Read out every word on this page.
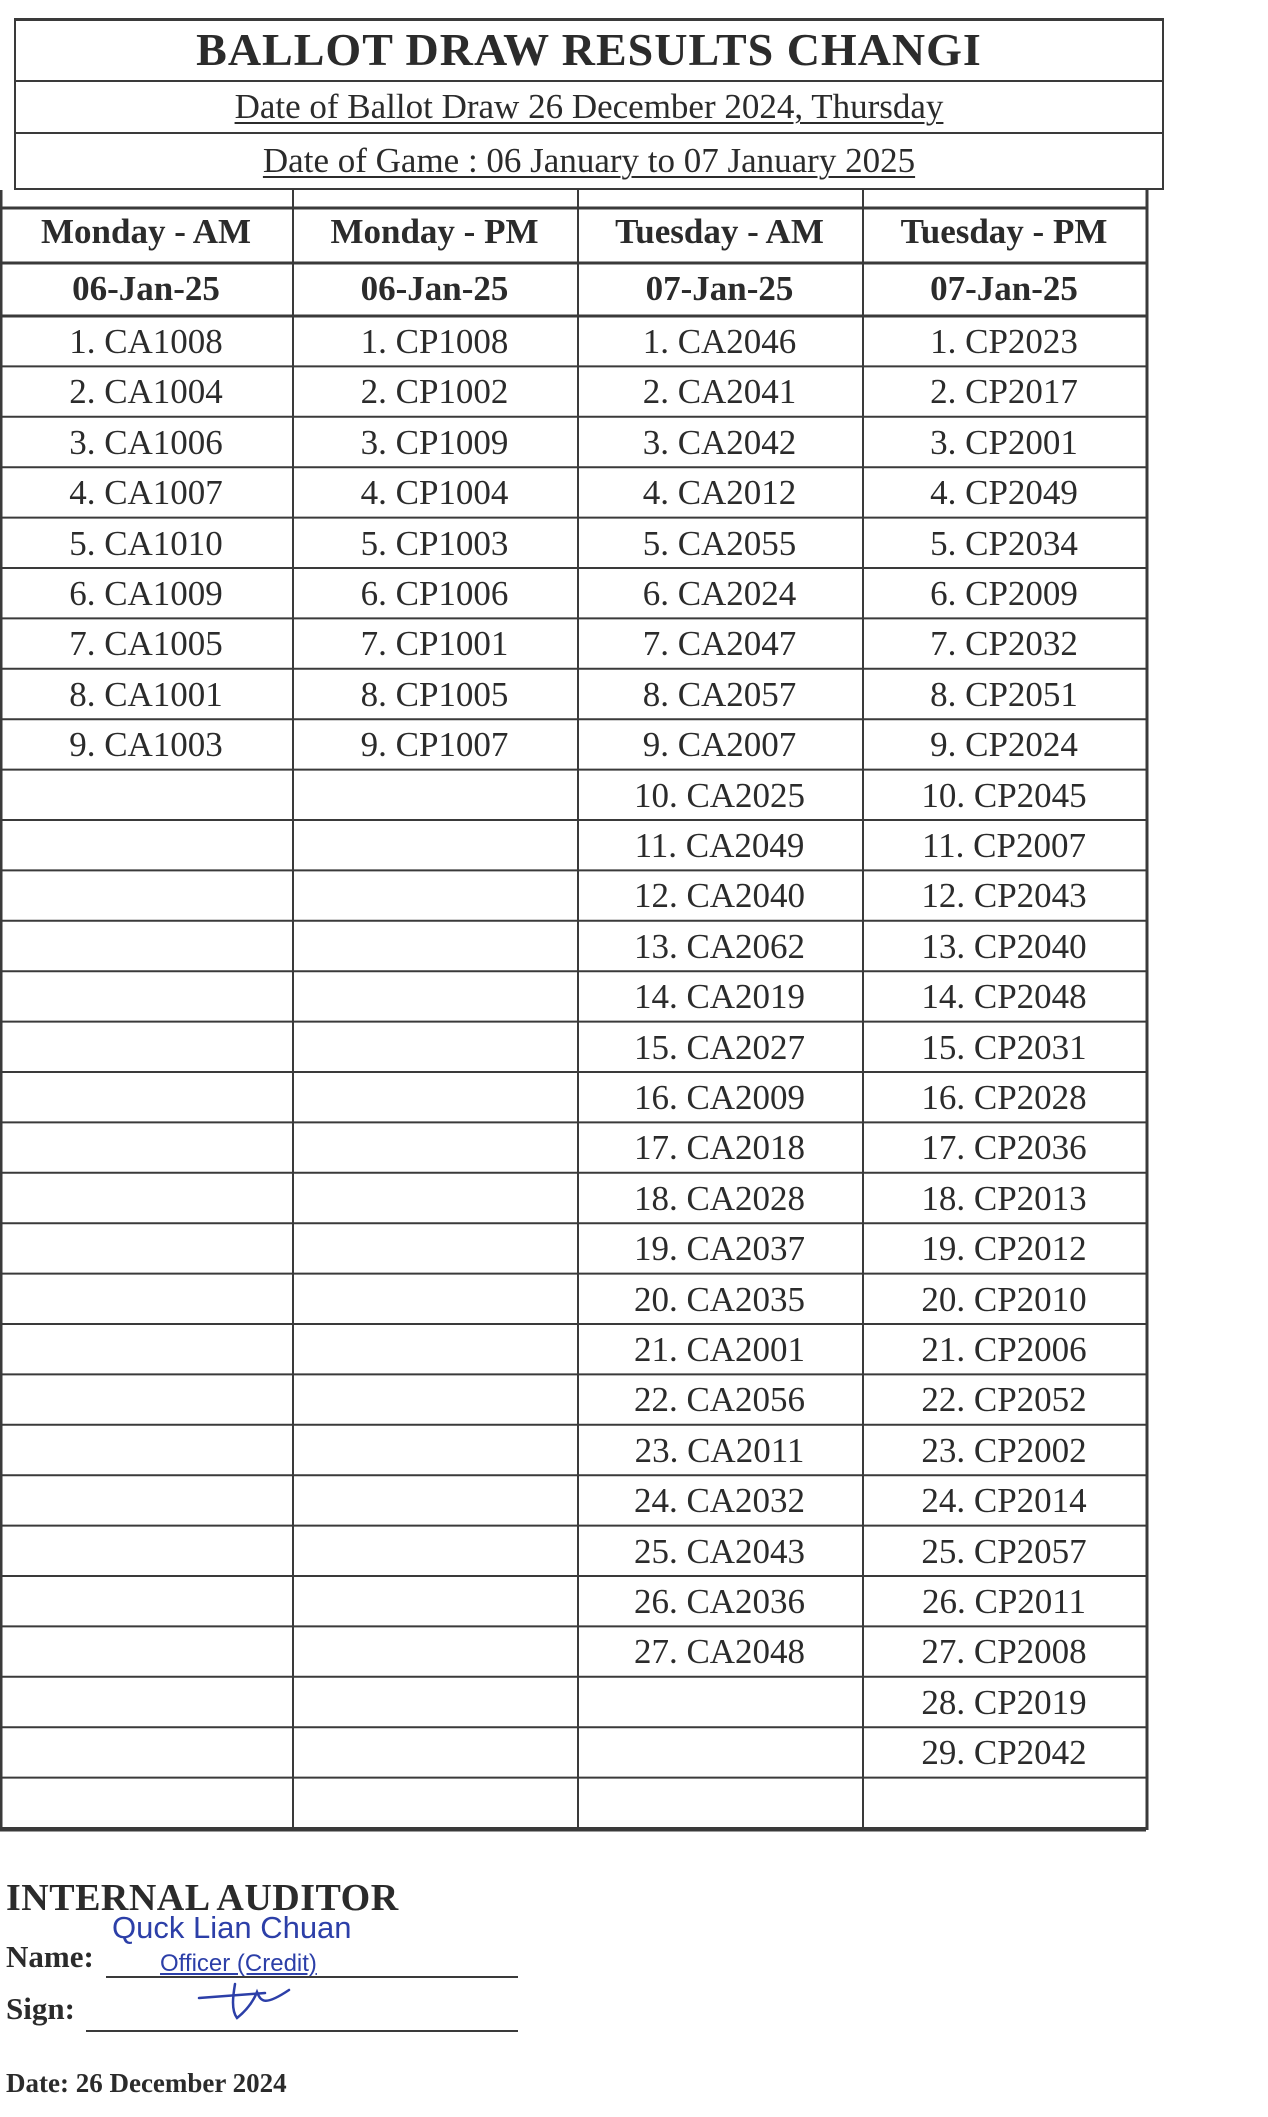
BALLOT DRAW RESULTS CHANGI
Date of Ballot Draw 26 December 2024, Thursday
Date of Game : 06 January to 07 January 2025
Monday - AM
06-Jan-25
1. CA1008
2. CA1004
3. CA1006
4. CA1007
5. CA1010
6. CA1009
7. CA1005
8. CA1001
9. CA1003
Monday - PM
06-Jan-25
1. CP1008
2. CP1002
3. CP1009
4. CP1004
5. CP1003
6. CP1006
7. CP1001
8. CP1005
9. CP1007
Tuesday - AM
07-Jan-25
1. CA2046
2. CA2041
3. CA2042
4. CA2012
5. CA2055
6. CA2024
7. CA2047
8. CA2057
9. CA2007
10. CA2025
11. CA2049
12. CA2040
13. CA2062
14. CA2019
15. CA2027
16. CA2009
17. CA2018
18. CA2028
19. CA2037
20. CA2035
21. CA2001
22. CA2056
23. CA2011
24. CA2032
25. CA2043
26. CA2036
27. CA2048
Tuesday - PM
07-Jan-25
1. CP2023
2. CP2017
3. CP2001
4. CP2049
5. CP2034
6. CP2009
7. CP2032
8. CP2051
9. CP2024
10. CP2045
11. CP2007
12. CP2043
13. CP2040
14. CP2048
15. CP2031
16. CP2028
17. CP2036
18. CP2013
19. CP2012
20. CP2010
21. CP2006
22. CP2052
23. CP2002
24. CP2014
25. CP2057
26. CP2011
27. CP2008
28. CP2019
29. CP2042
INTERNAL AUDITOR
Name:
Quck Lian Chuan
Officer (Credit)
Sign:
Date: 26 December 2024
